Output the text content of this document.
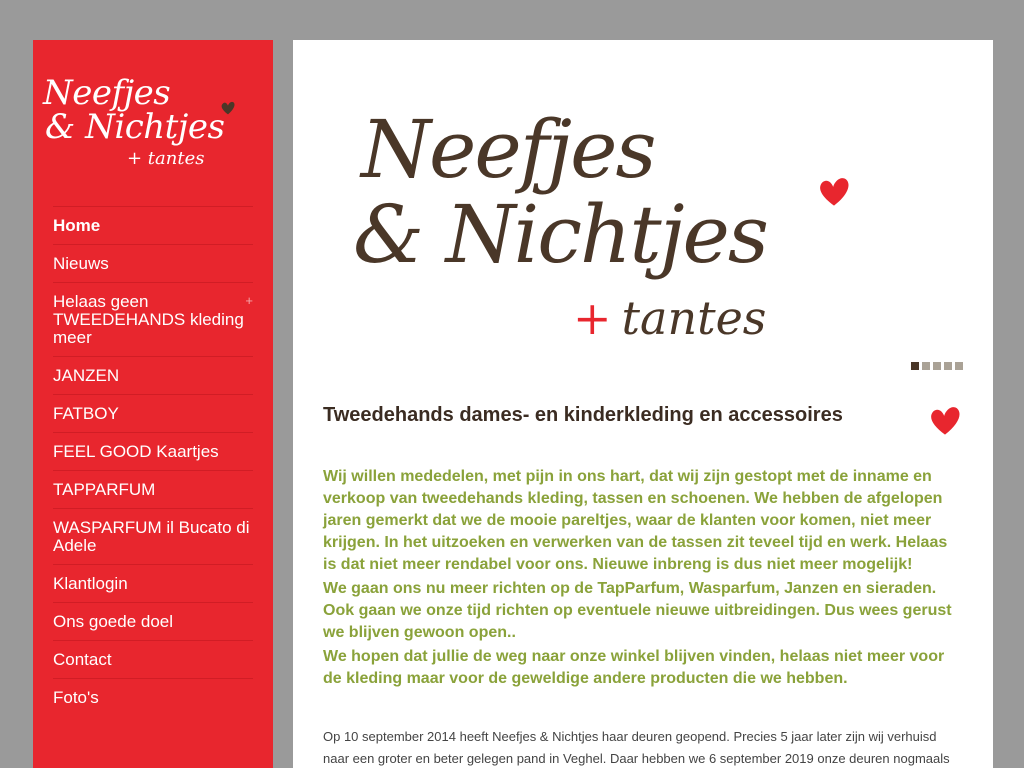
Neefjes
& Nichtjes
+ tantes
Home
Nieuws
Helaas geen TWEEDEHANDS kleding meer
+
JANZEN
FATBOY
FEEL GOOD Kaartjes
TAPPARFUM
WASPARFUM il Bucato di Adele
Klantlogin
Ons goede doel
Contact
Foto's
Neefjes
& Nichtjes
+ tantes
Tweedehands dames- en kinderkleding en accessoires

Wij willen mededelen, met pijn in ons hart, dat wij zijn gestopt met de inname en verkoop van tweedehands kleding, tassen en schoenen. We hebben de afgelopen jaren gemerkt dat we de mooie pareltjes, waar de klanten voor komen, niet meer krijgen. In het uitzoeken en verwerken van de tassen zit teveel tijd en werk. Helaas is dat niet meer rendabel voor ons. Nieuwe inbreng is dus niet meer mogelijk!

We gaan ons nu meer richten op de TapParfum, Wasparfum, Janzen en sieraden. Ook gaan we onze tijd richten op eventuele nieuwe uitbreidingen. Dus wees gerust we blijven gewoon open..

We hopen dat jullie de weg naar onze winkel blijven vinden, helaas niet meer voor de kleding maar voor de geweldige andere producten die we hebben.

Op 10 september 2014 heeft Neefjes & Nichtjes haar deuren geopend. Precies 5 jaar later zijn wij verhuisd naar een groter en beter gelegen pand in Veghel. Daar hebben we 6 september 2019 onze deuren nogmaals
